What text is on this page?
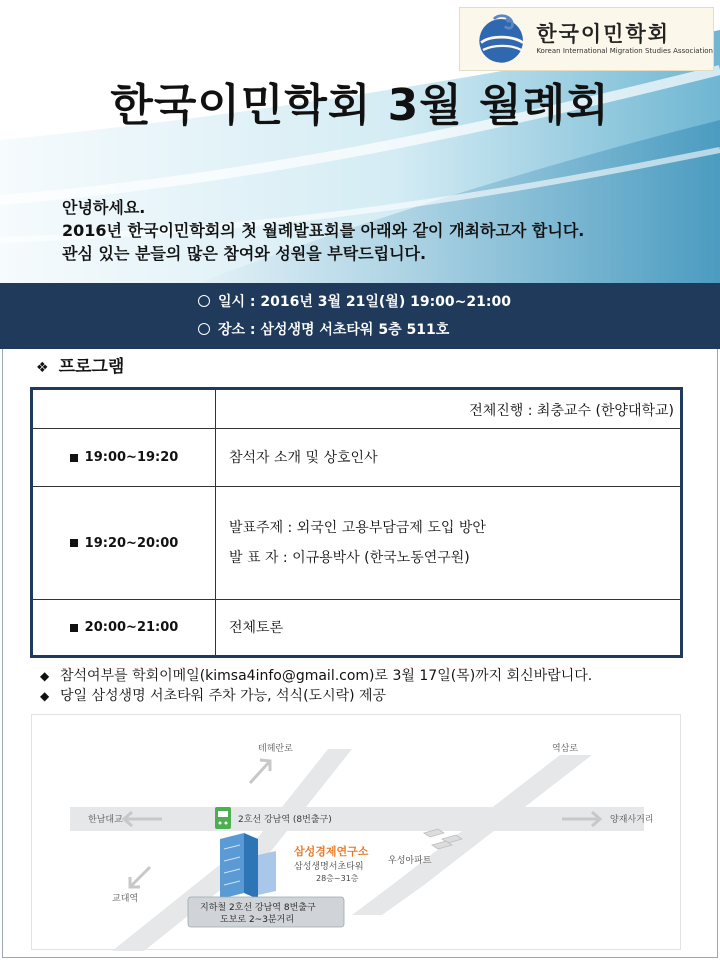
한국이민학회
Korean International Migration Studies Association
한국이민학회 3월 월례회
안녕하세요.
2016년 한국이민학회의 첫 월례발표회를 아래와 같이 개최하고자 합니다.
관심 있는 분들의 많은 참여와 성원을 부탁드립니다.
일시 : 2016년 3월 21일(월) 19:00~21:00
장소 : 삼성생명 서초타워 5층 511호
❖ 프로그램
전체진행 : 최충교수 (한양대학교)
19:00~19:20	참석자 소개 및 상호인사
19:20~20:00
발표주제 : 외국인 고용부담금제 도입 방안
발 표 자 : 이규용박사 (한국노동연구원)
20:00~21:00	전체토론
◆ 참석여부를 학회이메일(kimsa4info@gmail.com)로 3월 17일(목)까지 회신바랍니다.
◆ 당일 삼성생명 서초타워 주차 가능, 석식(도시락) 제공
테헤란로	역삼로
한남대교	양재사거리
교대역
2호선 강남역 (8번출구)
삼성경제연구소
삼성생명서초타워
28층~31층
우성아파트
지하철 2호선 강남역 8번출구
도보로 2~3분거리
